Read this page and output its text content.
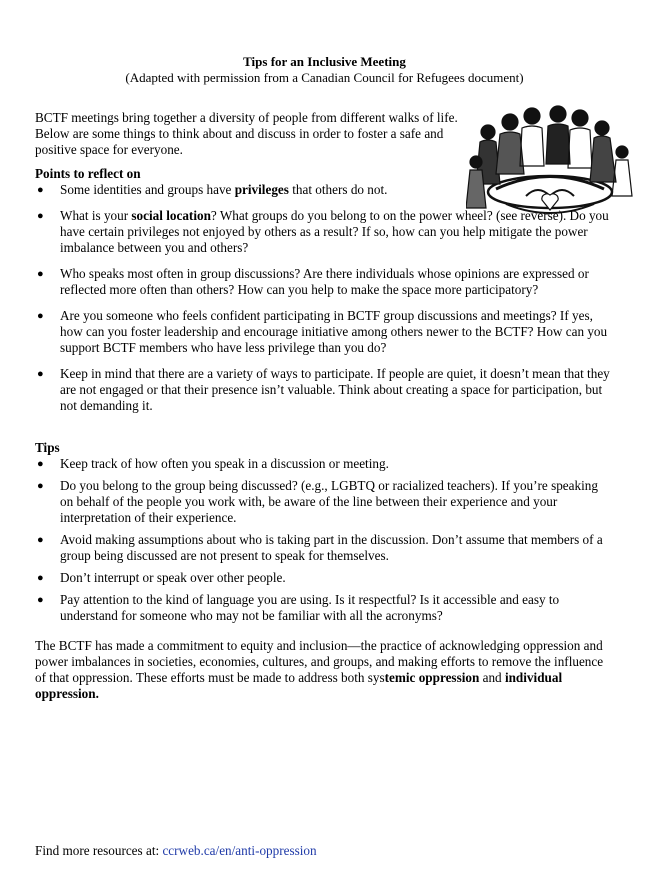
Tips for an Inclusive Meeting
(Adapted with permission from a Canadian Council for Refugees document)
BCTF meetings bring together a diversity of people from different walks of life. Below are some things to think about and discuss in order to foster a safe and positive space for everyone.
Points to reflect on
● Some identities and groups have privileges that others do not.
● What is your social location? What groups do you belong to on the power wheel? (see reverse). Do you have certain privileges not enjoyed by others as a result? If so, how can you help mitigate the power imbalance between you and others?
● Who speaks most often in group discussions? Are there individuals whose opinions are expressed or reflected more often than others? How can you help to make the space more participatory?
● Are you someone who feels confident participating in BCTF group discussions and meetings? If yes, how can you foster leadership and encourage initiative among others newer to the BCTF? How can you support BCTF members who have less privilege than you do?
● Keep in mind that there are a variety of ways to participate. If people are quiet, it doesn’t mean that they are not engaged or that their presence isn’t valuable. Think about creating a space for participation, but not demanding it.
Tips
● Keep track of how often you speak in a discussion or meeting.
● Do you belong to the group being discussed? (e.g., LGBTQ or racialized teachers). If you’re speaking on behalf of the people you work with, be aware of the line between their experience and your interpretation of their experience.
● Avoid making assumptions about who is taking part in the discussion. Don’t assume that members of a group being discussed are not present to speak for themselves.
● Don’t interrupt or speak over other people.
● Pay attention to the kind of language you are using. Is it respectful? Is it accessible and easy to understand for someone who may not be familiar with all the acronyms?
The BCTF has made a commitment to equity and inclusion—the practice of acknowledging oppression and power imbalances in societies, economies, cultures, and groups, and making efforts to remove the influence of that oppression. These efforts must be made to address both systemic oppression and individual oppression.
Find more resources at: ccrweb.ca/en/anti-oppression
